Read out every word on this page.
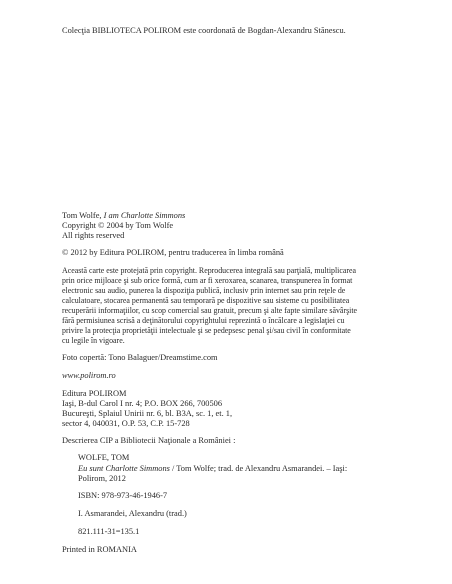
Colecţia BIBLIOTECA POLIROM este coordonată de Bogdan-Alexandru Stănescu.
Tom Wolfe, I am Charlotte Simmons
Copyright © 2004 by Tom Wolfe
All rights reserved
© 2012 by Editura POLIROM, pentru traducerea în limba română
Această carte este protejată prin copyright. Reproducerea integrală sau parţială, multiplicarea
prin orice mijloace şi sub orice formă, cum ar fi xeroxarea, scanarea, transpunerea în format
electronic sau audio, punerea la dispoziţia publică, inclusiv prin internet sau prin reţele de
calculatoare, stocarea permanentă sau temporară pe dispozitive sau sisteme cu posibilitatea
recuperării informaţiilor, cu scop comercial sau gratuit, precum şi alte fapte similare săvârşite
fără permisiunea scrisă a deţinătorului copyrightului reprezintă o încălcare a legislaţiei cu
privire la protecţia proprietăţii intelectuale şi se pedepsesc penal şi/sau civil în conformitate
cu legile în vigoare.
Foto copertă: Tono Balaguer/Dreamstime.com
www.polirom.ro
Editura POLIROM
Iaşi, B-dul Carol I nr. 4; P.O. BOX 266, 700506
Bucureşti, Splaiul Unirii nr. 6, bl. B3A, sc. 1, et. 1,
sector 4, 040031, O.P. 53, C.P. 15-728
Descrierea CIP a Bibliotecii Naţionale a României :
WOLFE, TOM
Eu sunt Charlotte Simmons / Tom Wolfe; trad. de Alexandru Asmarandei. – Iaşi:
Polirom, 2012
ISBN: 978-973-46-1946-7
I. Asmarandei, Alexandru (trad.)
821.111-31=135.1
Printed in ROMANIA
